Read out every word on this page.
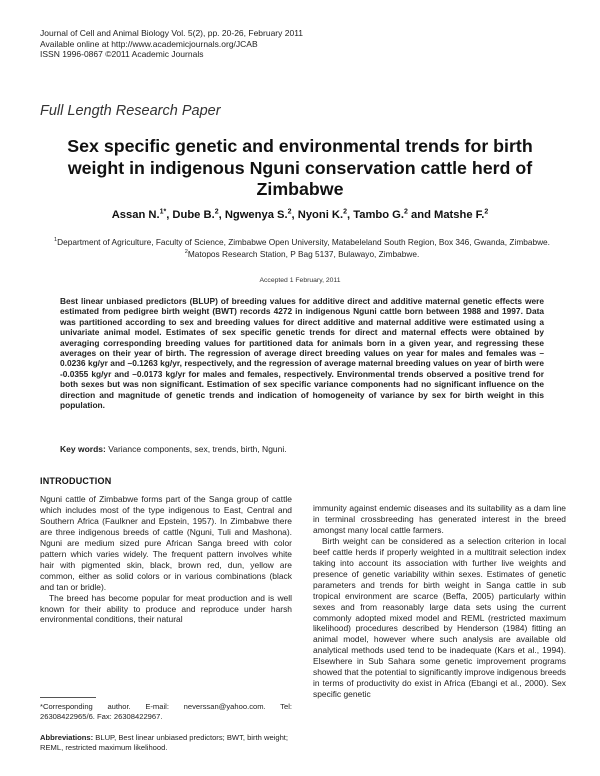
Journal of Cell and Animal Biology Vol. 5(2), pp. 20-26, February 2011
Available online at http://www.academicjournals.org/JCAB
ISSN 1996-0867 ©2011 Academic Journals
Full Length Research Paper
Sex specific genetic and environmental trends for birth weight in indigenous Nguni conservation cattle herd of Zimbabwe
Assan N.$^{1*}$, Dube B.$^2$, Ngwenya S.$^2$, Nyoni K.$^2$, Tambo G.$^2$ and Matshe F.$^2$
$^1$Department of Agriculture, Faculty of Science, Zimbabwe Open University, Matabeleland South Region, Box 346, Gwanda, Zimbabwe.
$^2$Matopos Research Station, P Bag 5137, Bulawayo, Zimbabwe.
Accepted 1 February, 2011
Best linear unbiased predictors (BLUP) of breeding values for additive direct and additive maternal genetic effects were estimated from pedigree birth weight (BWT) records 4272 in indigenous Nguni cattle born between 1988 and 1997. Data was partitioned according to sex and breeding values for direct additive and maternal additive were estimated using a univariate animal model. Estimates of sex specific genetic trends for direct and maternal effects were obtained by averaging corresponding breeding values for partitioned data for animals born in a given year, and regressing these averages on their year of birth. The regression of average direct breeding values on year for males and females was –0.0236 kg/yr and –0.1263 kg/yr, respectively, and the regression of average maternal breeding values on year of birth were -0.0355 kg/yr and –0.0173 kg/yr for males and females, respectively. Environmental trends observed a positive trend for both sexes but was non significant. Estimation of sex specific variance components had no significant influence on the direction and magnitude of genetic trends and indication of homogeneity of variance by sex for birth weight in this population.
Key words: Variance components, sex, trends, birth, Nguni.
INTRODUCTION

Nguni cattle of Zimbabwe forms part of the Sanga group of cattle which includes most of the type indigenous to East, Central and Southern Africa (Faulkner and Epstein, 1957). In Zimbabwe there are three indigenous breeds of cattle (Nguni, Tuli and Mashona). Nguni are medium sized pure African Sanga breed with color pattern which varies widely. The frequent pattern involves white hair with pigmented skin, black, brown red, dun, yellow are common, either as solid colors or in various combinations (black and tan or bridle).

The breed has become popular for meat production and is well known for their ability to produce and reproduce under harsh environmental conditions, their natural

immunity against endemic diseases and its suitability as a dam line in terminal crossbreeding has generated interest in the breed amongst many local cattle farmers.

Birth weight can be considered as a selection criterion in local beef cattle herds if properly weighted in a multitrait selection index taking into account its association with further live weights and presence of genetic variability within sexes. Estimates of genetic parameters and trends for birth weight in Sanga cattle in sub tropical environment are scarce (Beffa, 2005) particularly within sexes and from reasonably large data sets using the current commonly adopted mixed model and REML (restricted maximum likelihood) procedures described by Henderson (1984) fitting an animal model, however where such analysis are available old analytical methods used tend to be inadequate (Kars et al., 1994). Elsewhere in Sub Sahara some genetic improvement programs showed that the potential to significantly improve indigenous breeds in terms of productivity do exist in Africa (Ebangi et al., 2000). Sex specific genetic

*Corresponding author. E-mail: neverssan@yahoo.com. Tel: 26308422965/6. Fax: 26308422967.
Abbreviations: BLUP, Best linear unbiased predictors; BWT, birth weight; REML, restricted maximum likelihood.
